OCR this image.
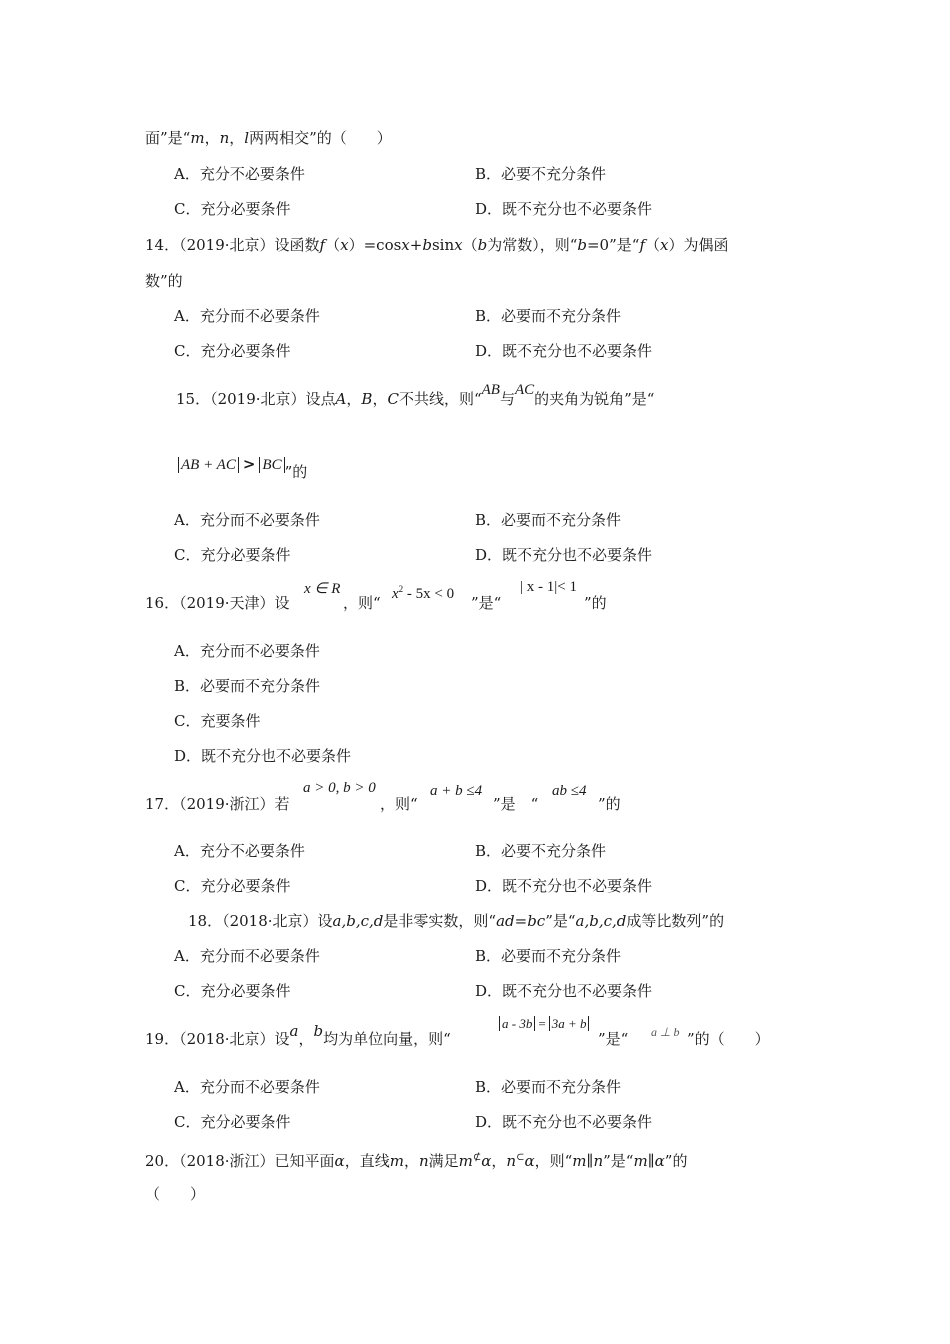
面”是“m，n，l两两相交”的（　　）
A．充分不必要条件	B．必要不充分条件
C．充分必要条件	D．既不充分也不必要条件
14．（2019·北京）设函数f（x）=cosx+bsinx（b为常数），则“b=0”是“f（x）为偶函
数”的
A．充分而不必要条件	B．必要而不充分条件
C．充分必要条件	D．既不充分也不必要条件
15．（2019·北京）设点A，B，C不共线，则“AB与AC的夹角为锐角”是“
AB + AC > BC ”的
A．充分而不必要条件	B．必要而不充分条件
C．充分必要条件	D．既不充分也不必要条件
16．（2019·天津）设
x ∈ R
，则“ $x^2 - 5x < 0$ ”是“
| x - 1|< 1
”的
A．充分而不必要条件
B．必要而不充分条件
C．充要条件
D．既不充分也不必要条件
17．（2019·浙江）若
a > 0, b > 0
，则“
a + b ≤4
”是　“
ab ≤4
”的
A．充分不必要条件	B．必要不充分条件
C．充分必要条件	D．既不充分也不必要条件
18．（2018·北京）设a,b,c,d是非零实数，则“ad=bc”是“a,b,c,d成等比数列”的
A．充分而不必要条件	B．必要而不充分条件
C．充分必要条件	D．既不充分也不必要条件
19．（2018·北京）设a，b均为单位向量，则“
a - 3b = 3a + b
”是“ a ⊥ b ”的（　　）
A．充分而不必要条件	B．必要而不充分条件
C．充分必要条件	D．既不充分也不必要条件
20．（2018·浙江）已知平面α，直线m，n满足m⊄α，n⊂α，则“m∥n”是“m∥α”的
（　　）
